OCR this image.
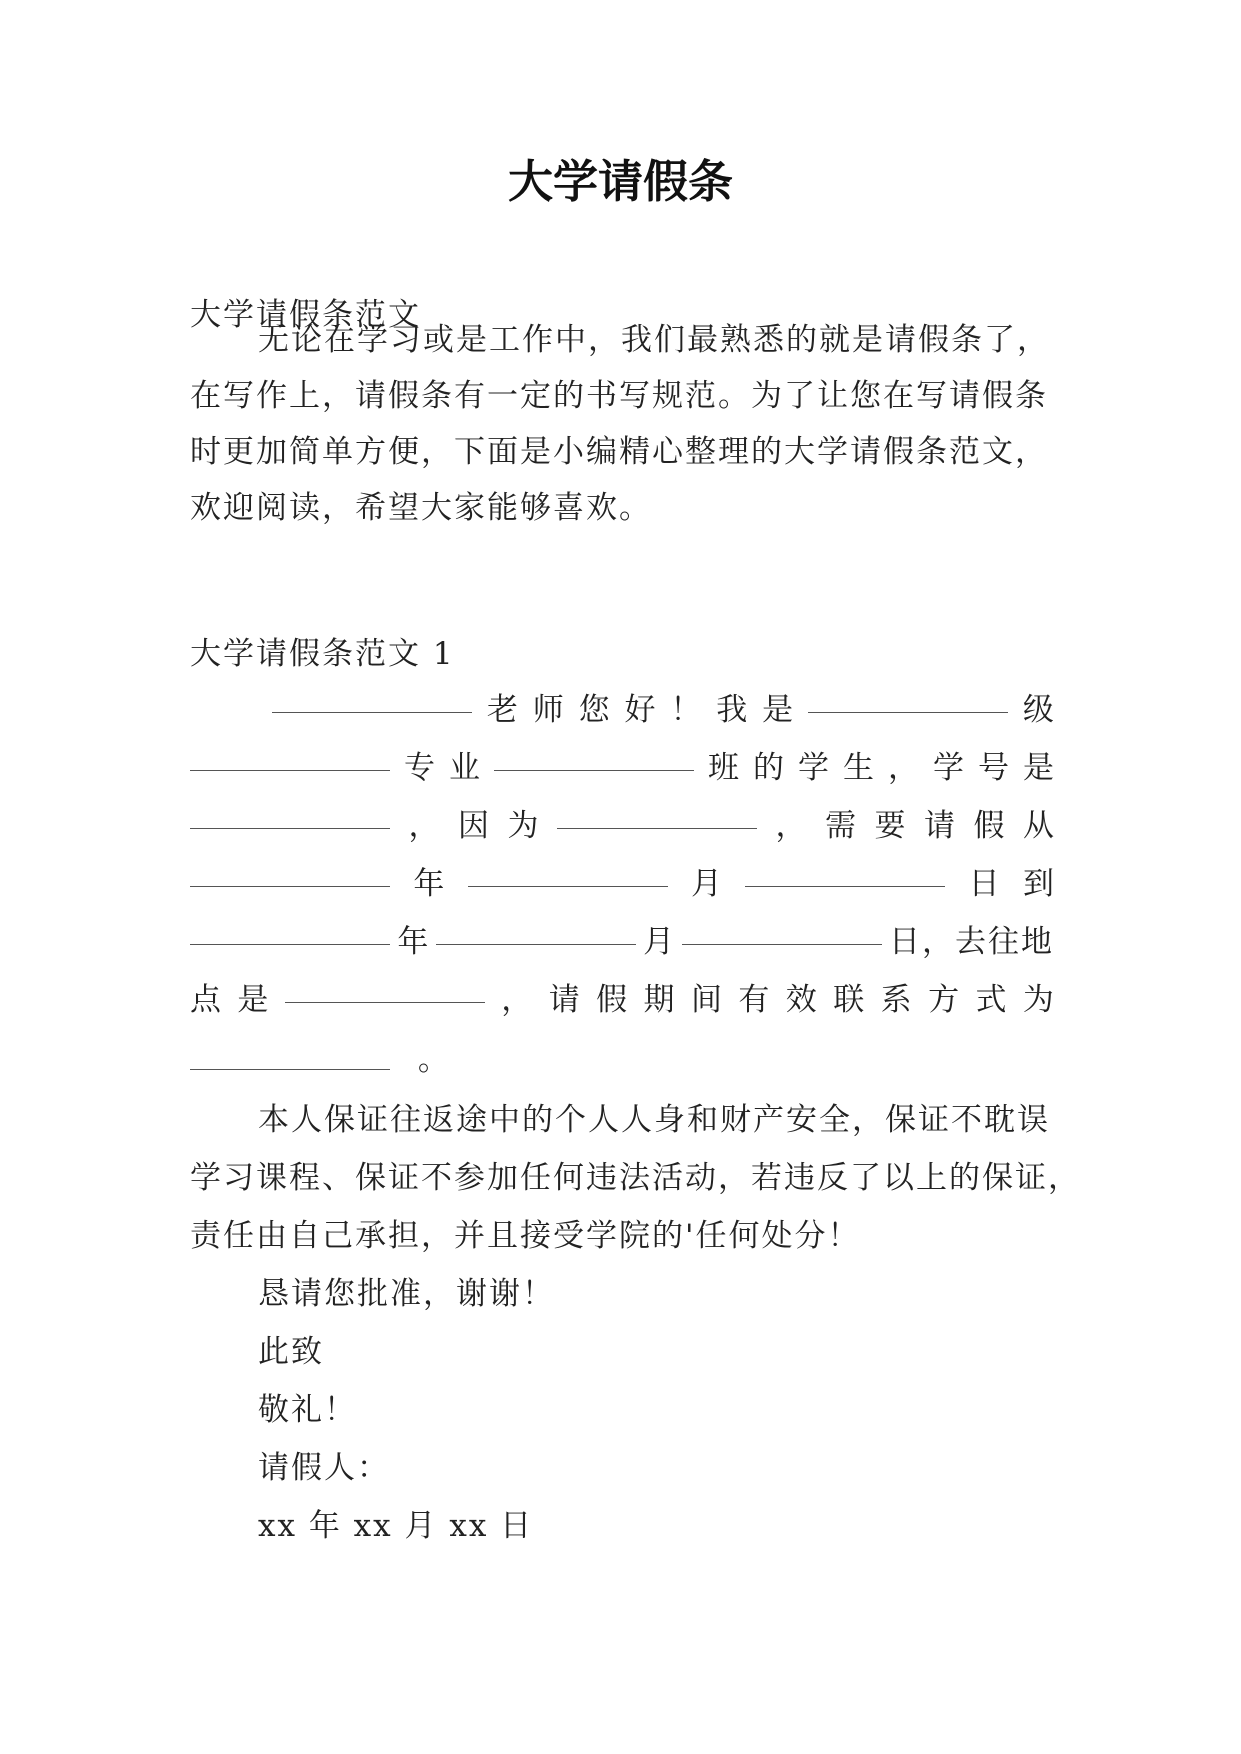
大学请假条
大学请假条范文
无论在学习或是工作中，我们最熟悉的就是请假条了，
在写作上，请假条有一定的书写规范。为了让您在写请假条
时更加简单方便，下面是小编精心整理的大学请假条范文，
欢迎阅读，希望大家能够喜欢。
大学请假条范文 1
老 师 您 好 ！ 我 是	级
专 业	班 的 学 生 ， 学 号 是
， 因 为	， 需 要 请 假 从
年	月	日 到
年	月	日，去往地
点 是	， 请 假 期 间 有 效 联 系 方 式 为
。
本人保证往返途中的个人人身和财产安全，保证不耽误
学习课程、保证不参加任何违法活动，若违反了以上的保证，
责任由自己承担，并且接受学院的'任何处分！
恳请您批准，谢谢！
此致
敬礼！
请假人：
xx 年 xx 月 xx 日
